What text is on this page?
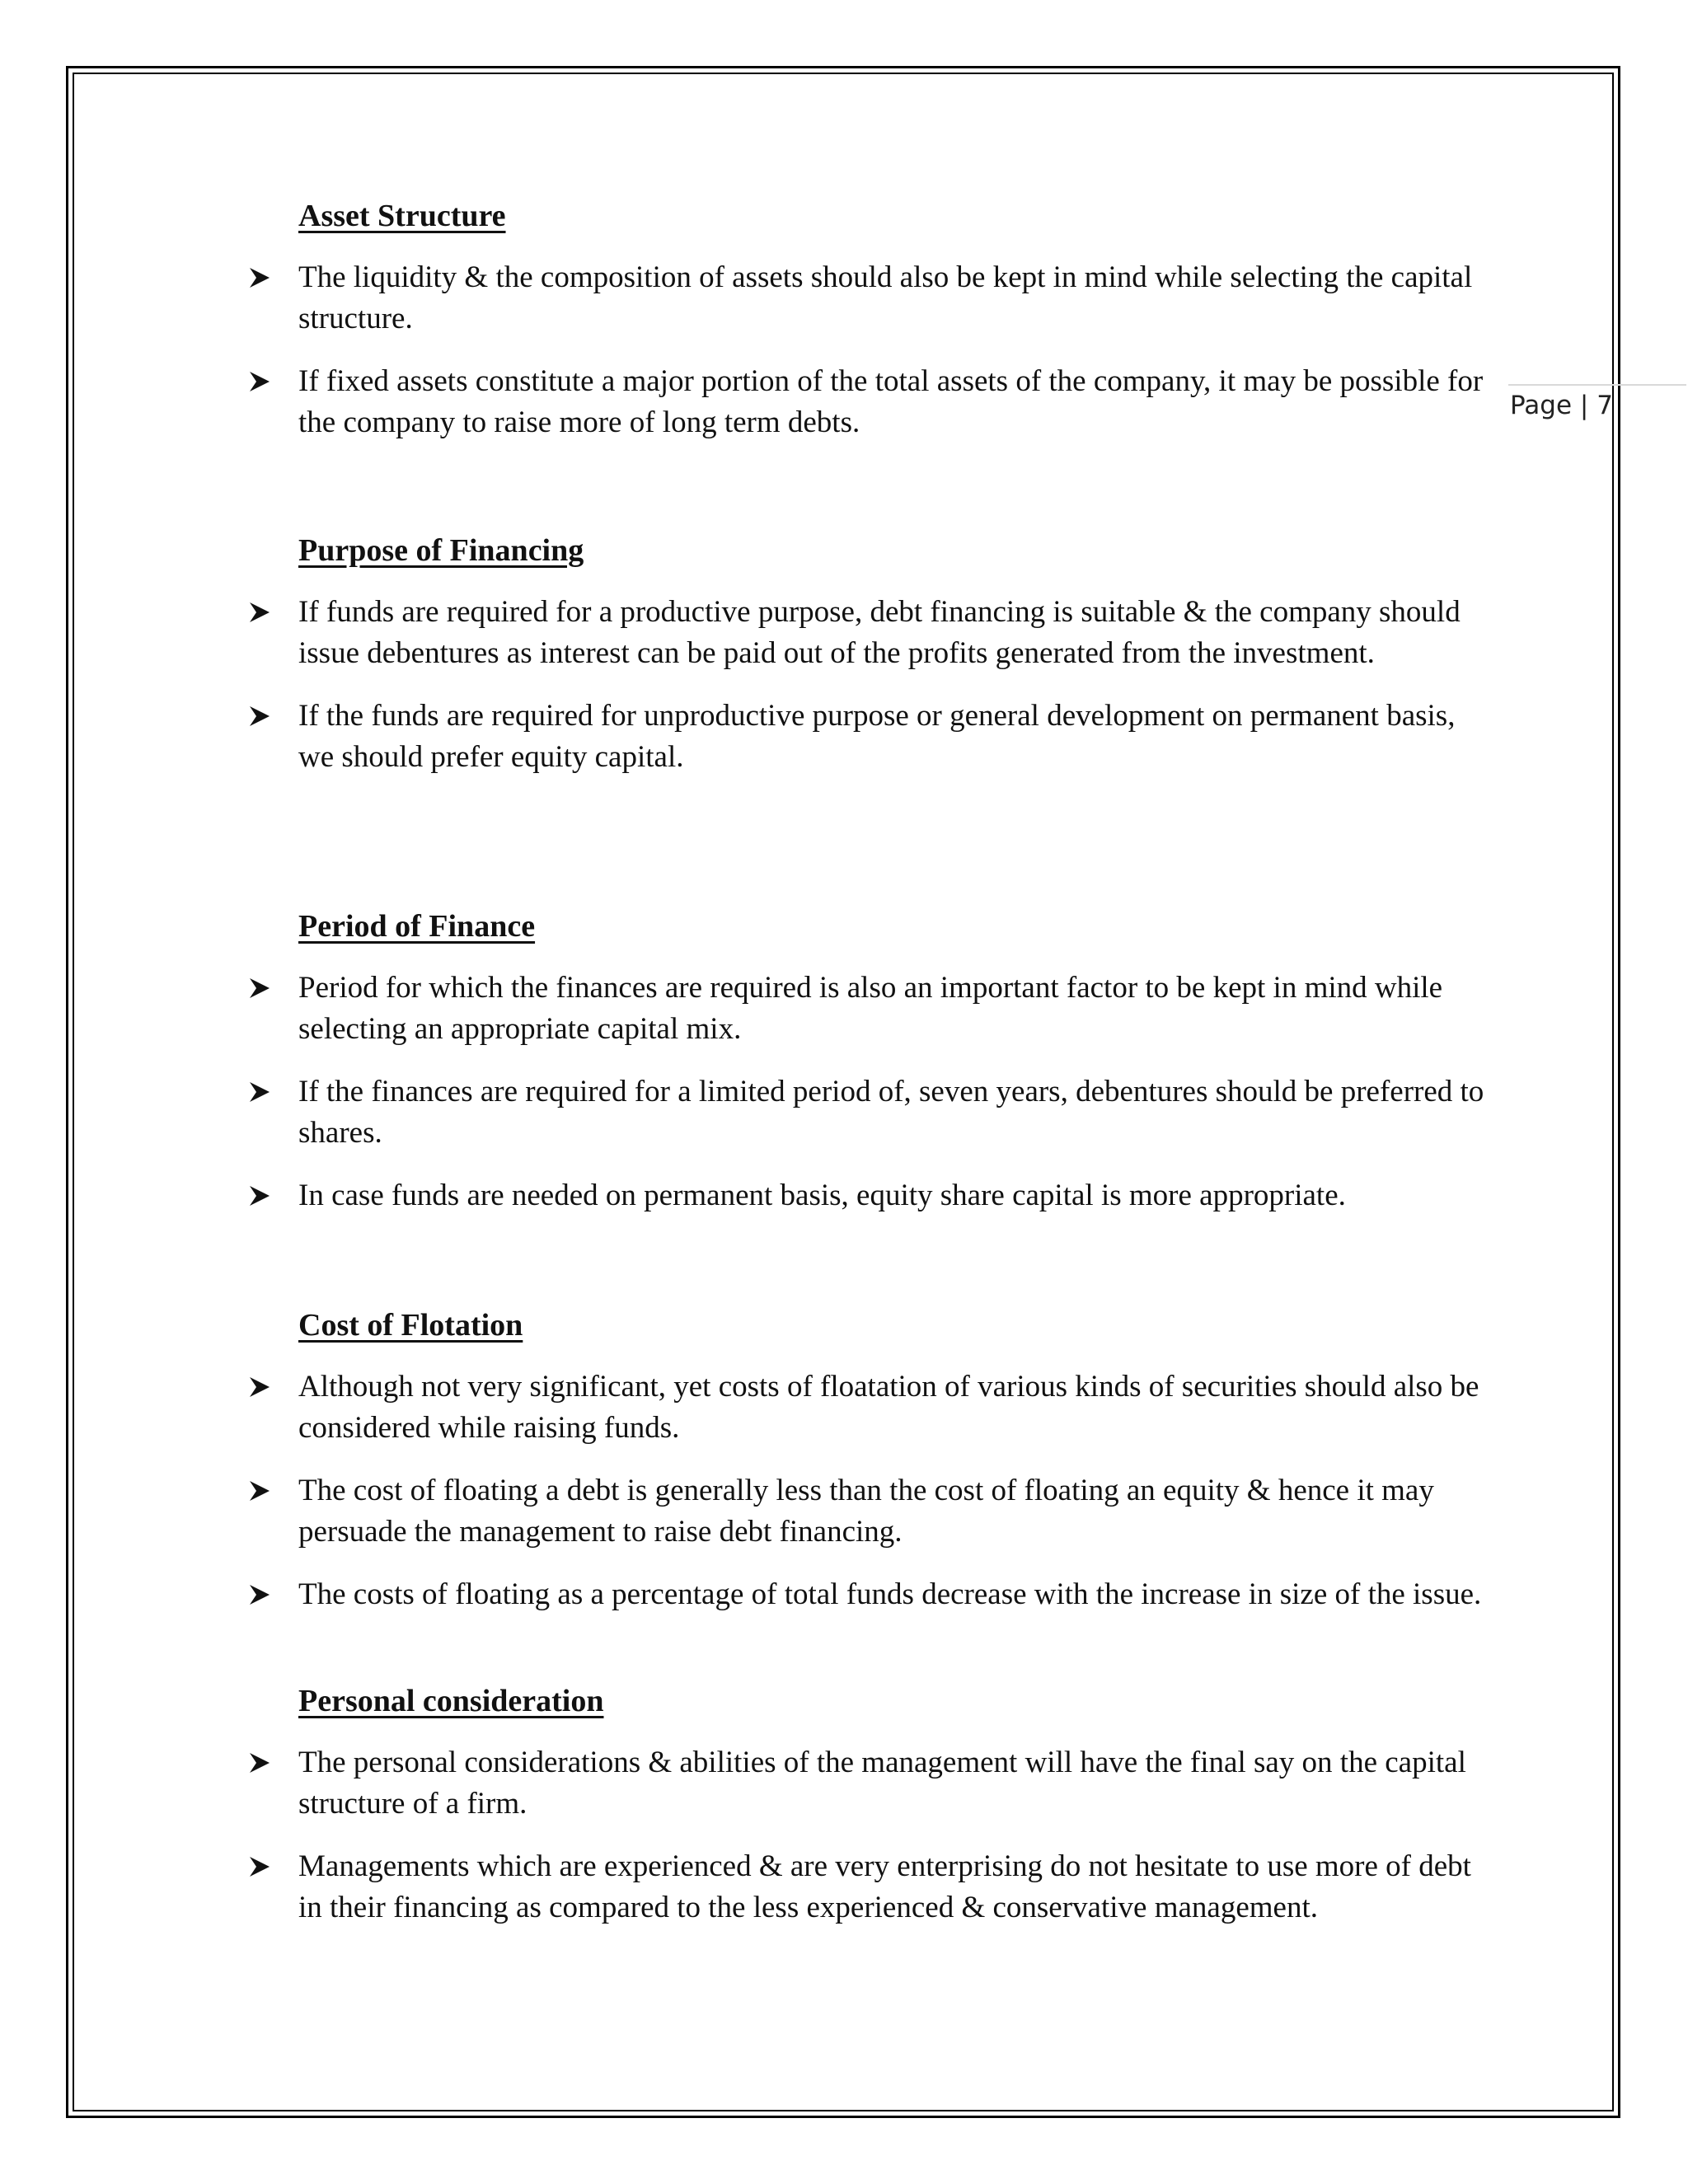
Page | 7
Asset Structure
The liquidity & the composition of assets should also be kept in mind while selecting the capital structure.
If fixed assets constitute a major portion of the total assets of the company, it may be possible for the company to raise more of long term debts.
Purpose of Financing
If funds are required for a productive purpose, debt financing is suitable & the company should issue debentures as interest can be paid out of the profits generated from the investment.
If the funds are required for unproductive purpose or general development on permanent basis, we should prefer equity capital.
Period of Finance
Period for which the finances are required is also an important factor to be kept in mind while selecting an appropriate capital mix.
If the finances are required for a limited period of, seven years, debentures should be preferred to shares.
In case funds are needed on permanent basis, equity share capital is more appropriate.
Cost of Flotation
Although not very significant, yet costs of floatation of various kinds of securities should also be considered while raising funds.
The cost of floating a debt is generally less than the cost of floating an equity & hence it may persuade the management to raise debt financing.
The costs of floating as a percentage of total funds decrease with the increase in size of the issue.
Personal consideration
The personal considerations & abilities of the management will have the final say on the capital structure of a firm.
Managements which are experienced & are very enterprising do not hesitate to use more of debt in their financing as compared to the less experienced & conservative management.
